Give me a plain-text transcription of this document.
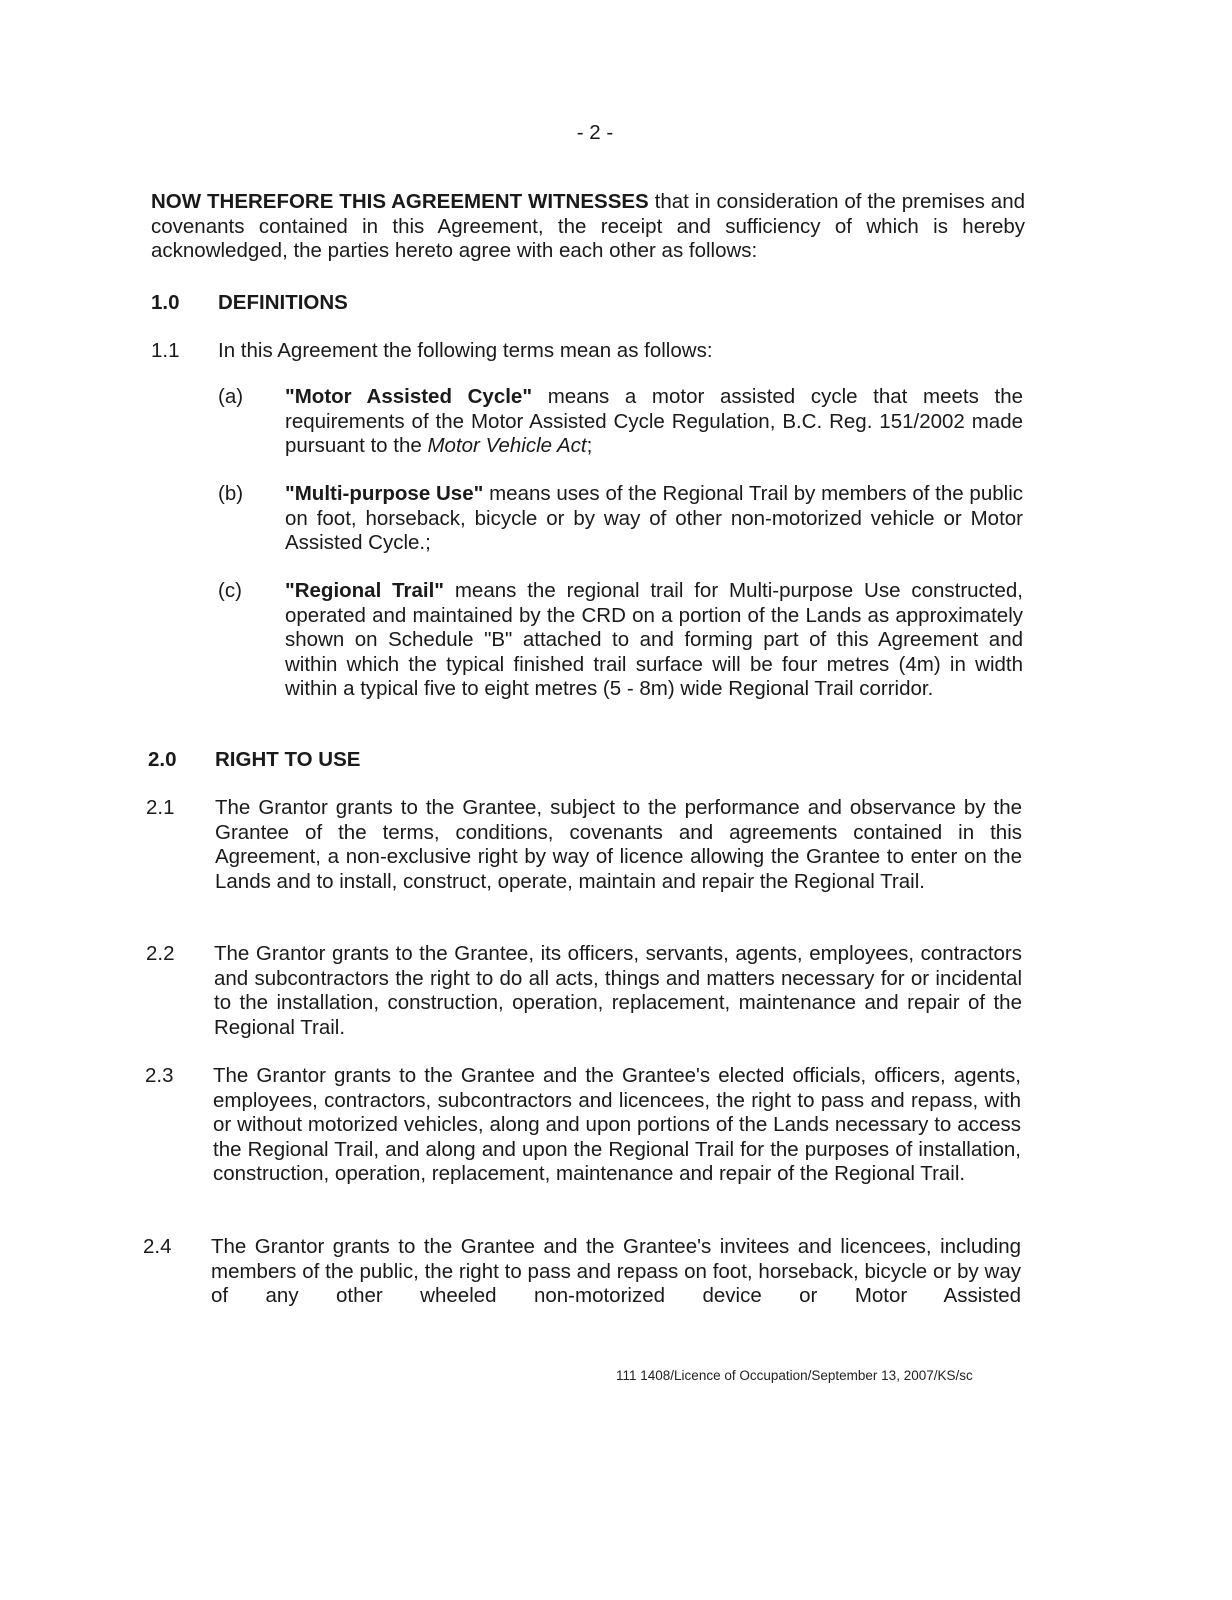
- 2 -
NOW THEREFORE THIS AGREEMENT WITNESSES that in consideration of the premises and covenants contained in this Agreement, the receipt and sufficiency of which is hereby acknowledged, the parties hereto agree with each other as follows:
1.0 DEFINITIONS
1.1 In this Agreement the following terms mean as follows:
(a) "Motor Assisted Cycle" means a motor assisted cycle that meets the requirements of the Motor Assisted Cycle Regulation, B.C. Reg. 151/2002 made pursuant to the Motor Vehicle Act;
(b) "Multi-purpose Use" means uses of the Regional Trail by members of the public on foot, horseback, bicycle or by way of other non-motorized vehicle or Motor Assisted Cycle.;
(c) "Regional Trail" means the regional trail for Multi-purpose Use constructed, operated and maintained by the CRD on a portion of the Lands as approximately shown on Schedule "B" attached to and forming part of this Agreement and within which the typical finished trail surface will be four metres (4m) in width within a typical five to eight metres (5 - 8m) wide Regional Trail corridor.
2.0 RIGHT TO USE
2.1 The Grantor grants to the Grantee, subject to the performance and observance by the Grantee of the terms, conditions, covenants and agreements contained in this Agreement, a non-exclusive right by way of licence allowing the Grantee to enter on the Lands and to install, construct, operate, maintain and repair the Regional Trail.
2.2 The Grantor grants to the Grantee, its officers, servants, agents, employees, contractors and subcontractors the right to do all acts, things and matters necessary for or incidental to the installation, construction, operation, replacement, maintenance and repair of the Regional Trail.
2.3 The Grantor grants to the Grantee and the Grantee's elected officials, officers, agents, employees, contractors, subcontractors and licencees, the right to pass and repass, with or without motorized vehicles, along and upon portions of the Lands necessary to access the Regional Trail, and along and upon the Regional Trail for the purposes of installation, construction, operation, replacement, maintenance and repair of the Regional Trail.
2.4 The Grantor grants to the Grantee and the Grantee's invitees and licencees, including members of the public, the right to pass and repass on foot, horseback, bicycle or by way of any other wheeled non-motorized device or Motor Assisted
111 1408/Licence of Occupation/September 13, 2007/KS/sc
